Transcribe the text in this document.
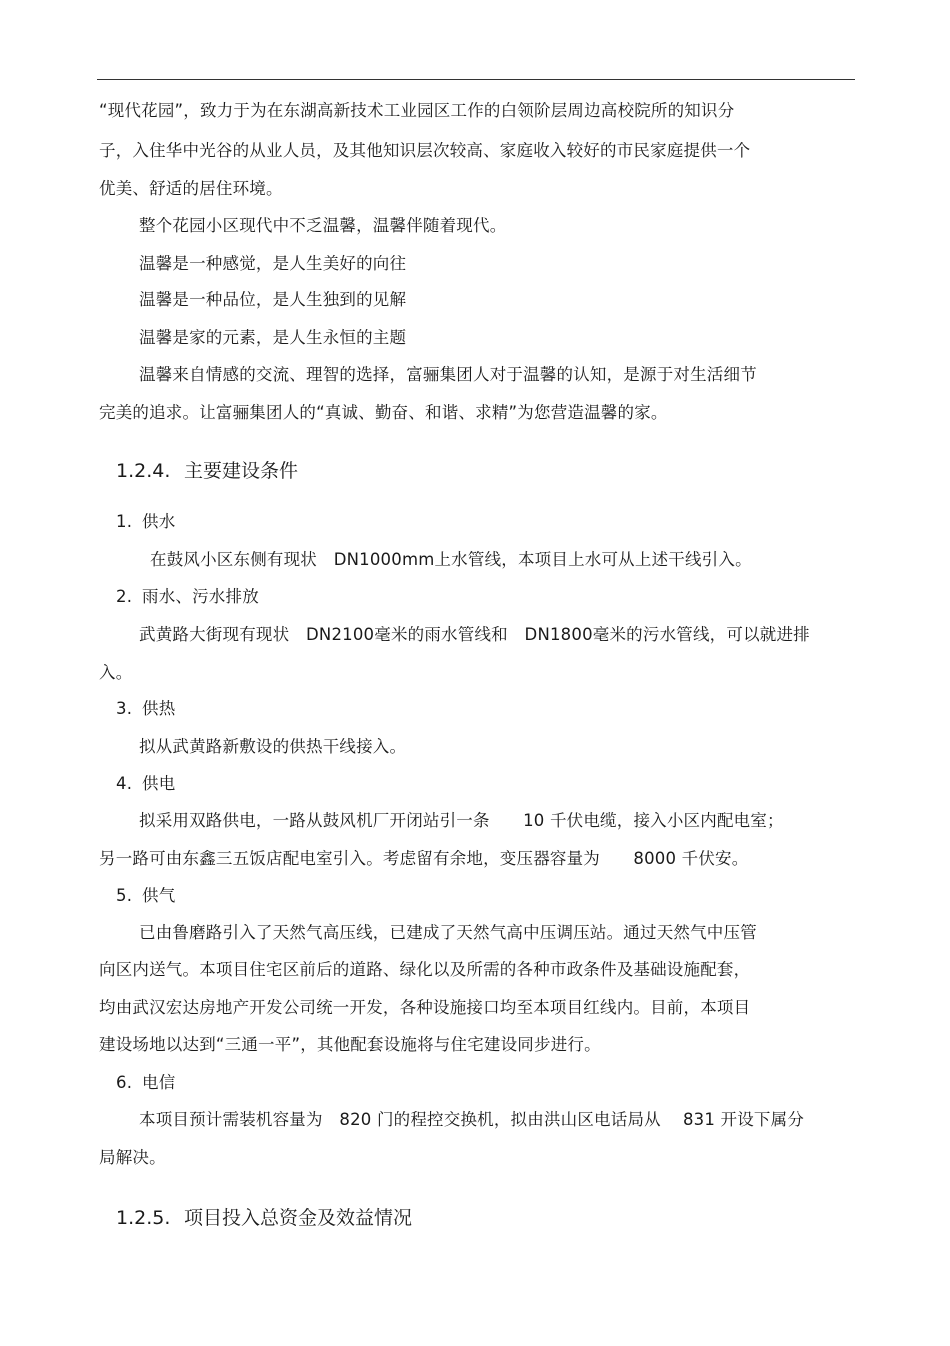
“现代花园”，致力于为在东湖高新技术工业园区工作的白领阶层周边高校院所的知识分
子，入住华中光谷的从业人员，及其他知识层次较高、家庭收入较好的市民家庭提供一个
优美、舒适的居住环境。
整个花园小区现代中不乏温馨，温馨伴随着现代。
温馨是一种感觉，是人生美好的向往
温馨是一种品位，是人生独到的见解
温馨是家的元素，是人生永恒的主题
温馨来自情感的交流、理智的选择，富骊集团人对于温馨的认知，是源于对生活细节
完美的追求。让富骊集团人的“真诚、勤奋、和谐、求精”为您营造温馨的家。
1.2.4. 主要建设条件
1. 供水
在鼓风小区东侧有现状　DN1000mm上水管线，本项目上水可从上述干线引入。
2. 雨水、污水排放
武黄路大街现有现状　DN2100毫米的雨水管线和　DN1800毫米的污水管线，可以就进排
入。
3. 供热
拟从武黄路新敷设的供热干线接入。
4. 供电
拟采用双路供电，一路从鼓风机厂开闭站引一条　　10 千伏电缆，接入小区内配电室；
另一路可由东鑫三五饭店配电室引入。考虑留有余地，变压器容量为　　8000 千伏安。
5. 供气
已由鲁磨路引入了天然气高压线，已建成了天然气高中压调压站。通过天然气中压管
向区内送气。本项目住宅区前后的道路、绿化以及所需的各种市政条件及基础设施配套，
均由武汉宏达房地产开发公司统一开发，各种设施接口均至本项目红线内。目前，本项目
建设场地以达到“三通一平”，其他配套设施将与住宅建设同步进行。
6. 电信
本项目预计需装机容量为　820 门的程控交换机，拟由洪山区电话局从　 831 开设下属分
局解决。
1.2.5. 项目投入总资金及效益情况
